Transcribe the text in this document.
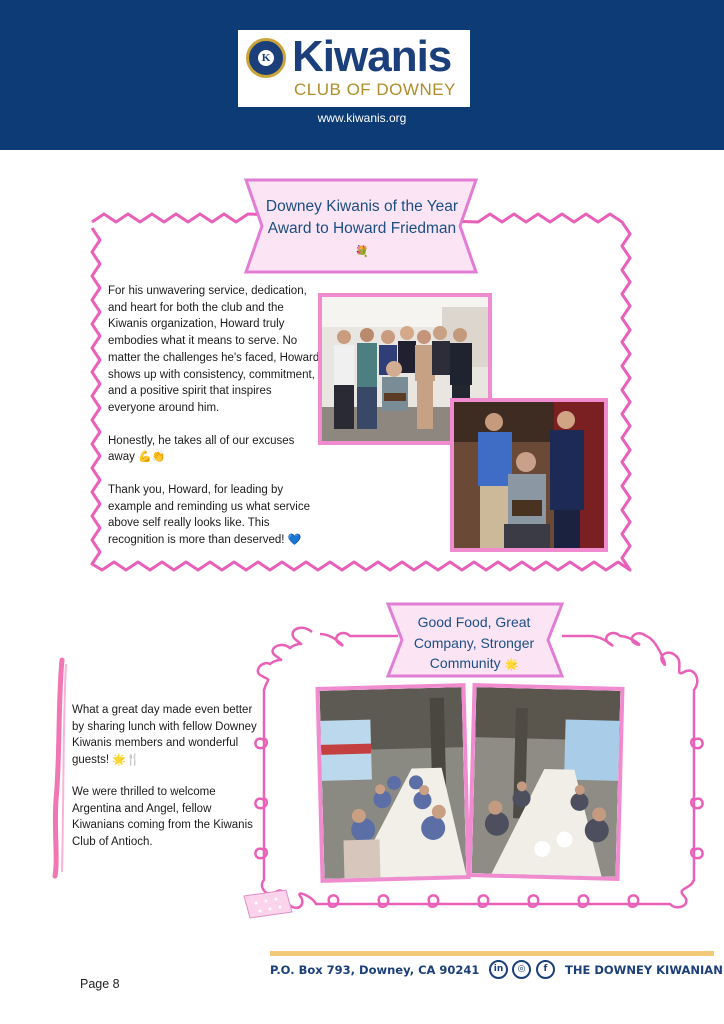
K Kiwanis
CLUB OF DOWNEY
www.kiwanis.org
Downey Kiwanis of the Year Award to Howard Friedman 💐

For his unwavering service, dedication, and heart for both the club and the Kiwanis organization, Howard truly embodies what it means to serve. No matter the challenges he's faced, Howard shows up with consistency, commitment, and a positive spirit that inspires everyone around him.

Honestly, he takes all of our excuses away 💪👏

Thank you, Howard, for leading by example and reminding us what service above self really looks like. This recognition is more than deserved! 💙

Good Food, Great Company, Stronger Community 🌟

What a great day made even better by sharing lunch with fellow Downey Kiwanis members and wonderful guests! 🌟🍴

We were thrilled to welcome Argentina and Angel, fellow Kiwanians coming from the Kiwanis Club of Antioch.

P.O. Box 793, Downey, CA 90241	in	◎	f	THE DOWNEY KIWANIAN
Page 8
